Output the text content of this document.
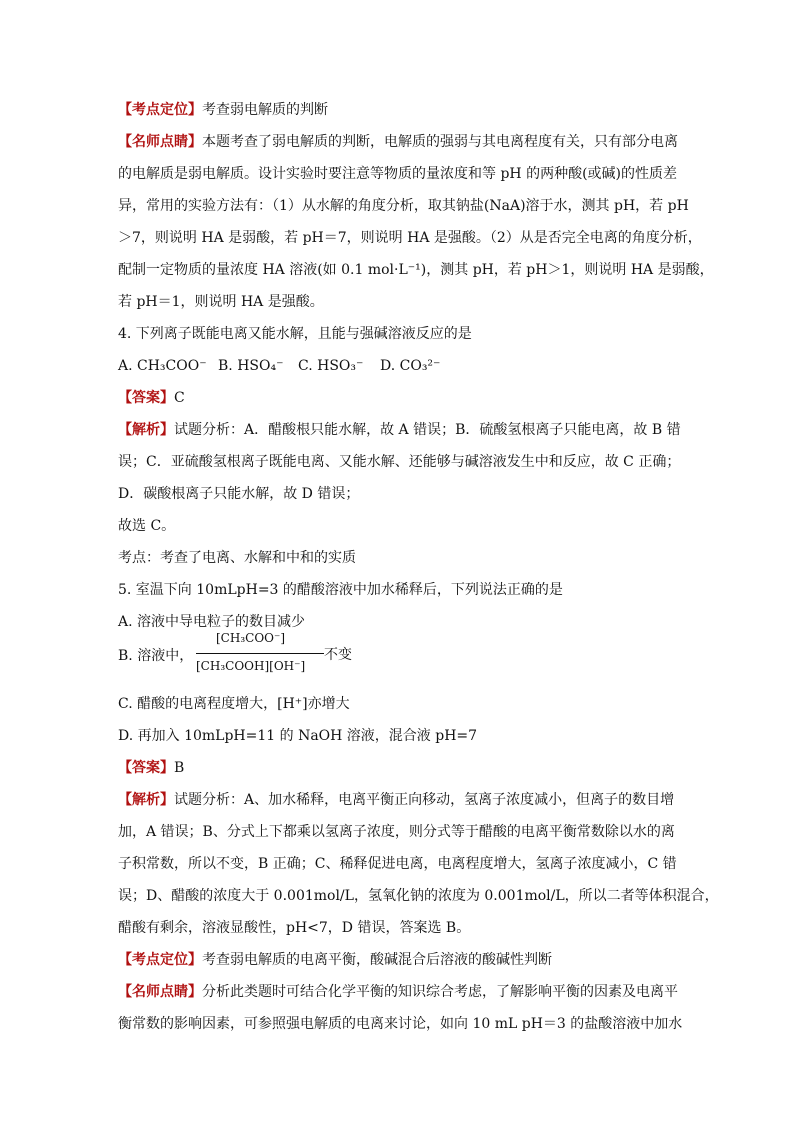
【考点定位】考查弱电解质的判断
【名师点睛】本题考查了弱电解质的判断，电解质的强弱与其电离程度有关，只有部分电离
的电解质是弱电解质。设计实验时要注意等物质的量浓度和等 pH 的两种酸(或碱)的性质差
异，常用的实验方法有：（1）从水解的角度分析，取其钠盐(NaA)溶于水，测其 pH，若 pH
＞7，则说明 HA 是弱酸，若 pH＝7，则说明 HA 是强酸。（2）从是否完全电离的角度分析，
配制一定物质的量浓度 HA 溶液(如 0.1 mol·L⁻¹)，测其 pH，若 pH＞1，则说明 HA 是弱酸，
若 pH＝1，则说明 HA 是强酸。
4. 下列离子既能电离又能水解，且能与强碱溶液反应的是
A. CH₃COO⁻ B. HSO₄⁻ C. HSO₃⁻ D. CO₃²⁻
【答案】C
【解析】试题分析：A．醋酸根只能水解，故 A 错误；B．硫酸氢根离子只能电离，故 B 错
误；C．亚硫酸氢根离子既能电离、又能水解、还能够与碱溶液发生中和反应，故 C 正确；
D．碳酸根离子只能水解，故 D 错误；
故选 C。
考点：考查了电离、水解和中和的实质
5. 室温下向 10mLpH=3 的醋酸溶液中加水稀释后，下列说法正确的是
A. 溶液中导电粒子的数目减少
B. 溶液中，
[CH₃COO⁻]
[CH₃COOH][OH⁻]
不变
C. 醋酸的电离程度增大，[H⁺]亦增大
D. 再加入 10mLpH=11 的 NaOH 溶液，混合液 pH=7
【答案】B
【解析】试题分析：A、加水稀释，电离平衡正向移动，氢离子浓度减小，但离子的数目增
加，A 错误；B、分式上下都乘以氢离子浓度，则分式等于醋酸的电离平衡常数除以水的离
子积常数，所以不变，B 正确；C、稀释促进电离，电离程度增大，氢离子浓度减小，C 错
误；D、醋酸的浓度大于 0.001mol/L，氢氧化钠的浓度为 0.001mol/L，所以二者等体积混合，
醋酸有剩余，溶液显酸性，pH<7，D 错误，答案选 B。
【考点定位】考查弱电解质的电离平衡，酸碱混合后溶液的酸碱性判断
【名师点睛】分析此类题时可结合化学平衡的知识综合考虑，了解影响平衡的因素及电离平
衡常数的影响因素，可参照强电解质的电离来讨论，如向 10 mL pH＝3 的盐酸溶液中加水
